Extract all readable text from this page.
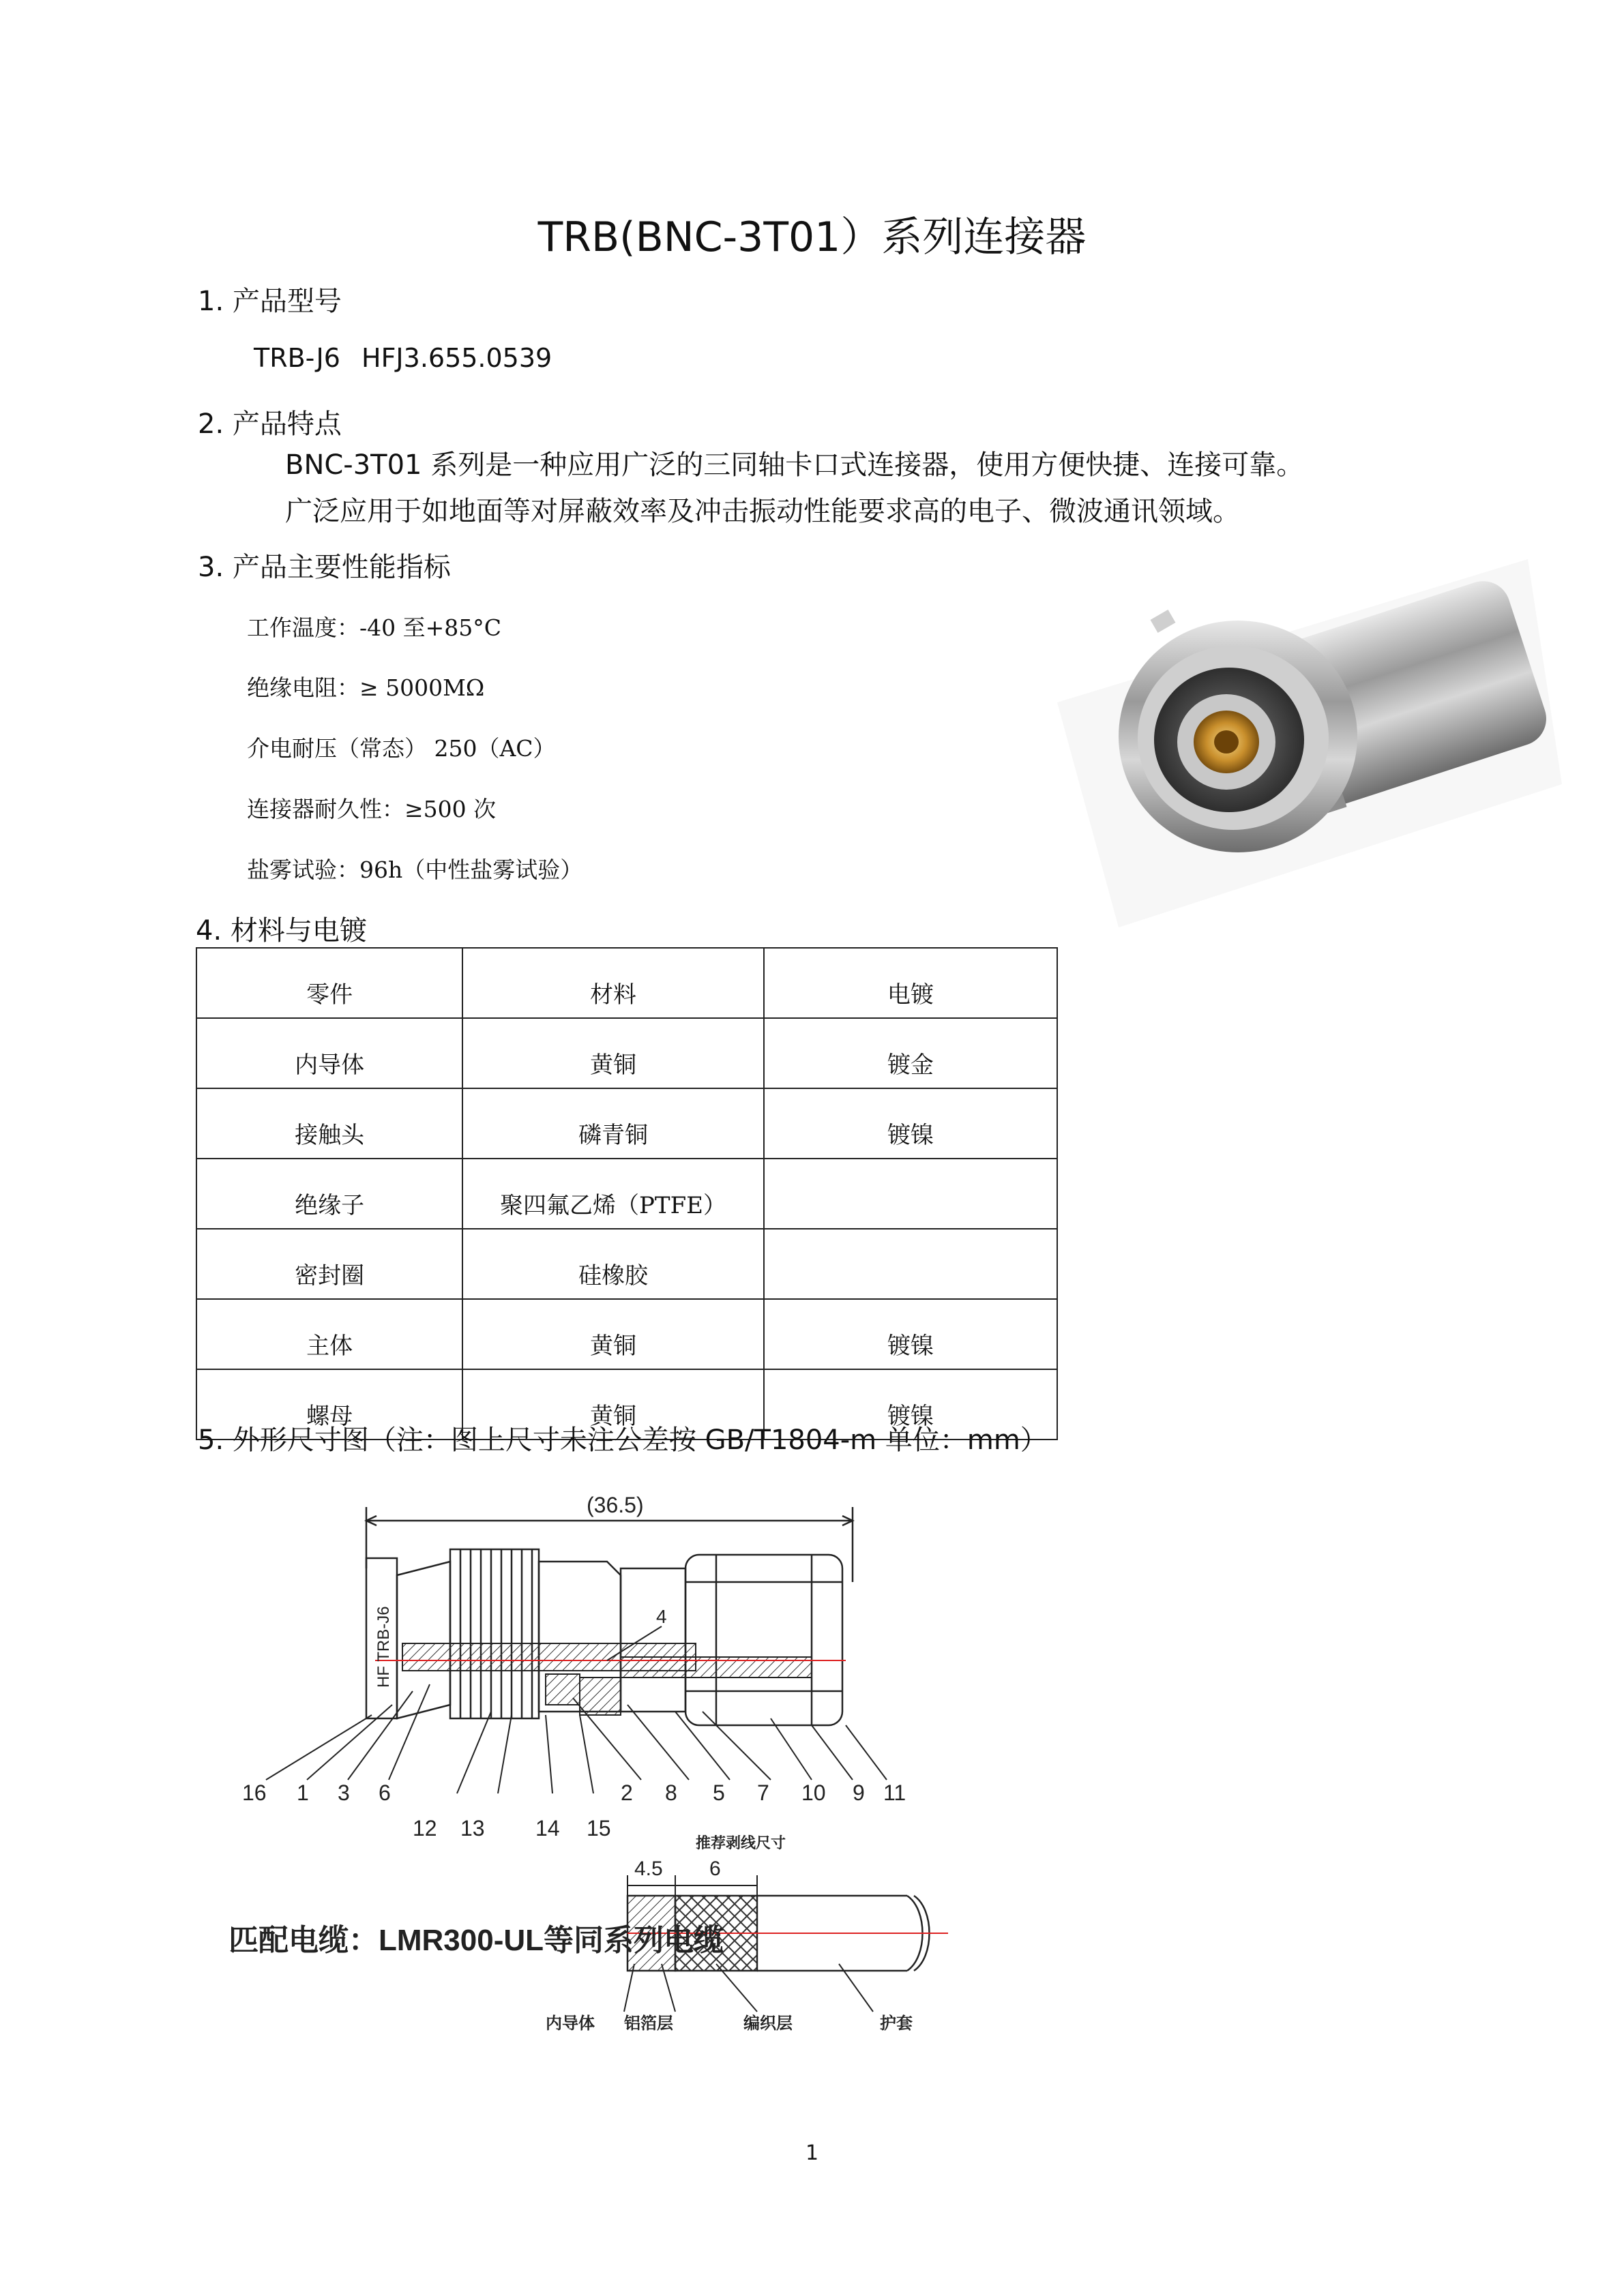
TRB(BNC-3T01）系列连接器
1. 产品型号
TRB-J6 HFJ3.655.0539
2. 产品特点
BNC-3T01 系列是一种应用广泛的三同轴卡口式连接器，使用方便快捷、连接可靠。
广泛应用于如地面等对屏蔽效率及冲击振动性能要求高的电子、微波通讯领域。
3. 产品主要性能指标
工作温度：-40 至+85°C
绝缘电阻：≥ 5000MΩ
介电耐压（常态） 250（AC）
连接器耐久性：≥500 次
盐雾试验：96h（中性盐雾试验）
4. 材料与电镀
零件	材料	电镀
内导体	黄铜	镀金
接触头	磷青铜	镀镍
绝缘子	聚四氟乙烯（PTFE）	
密封圈	硅橡胶	
主体	黄铜	镀镍
螺母	黄铜	镀镍
5. 外形尺寸图（注：图上尺寸未注公差按 GB/T1804-m 单位：mm）
(36.5)
HF TRB-J6	4
16 1 3 6	2 8 5 7 10 9 11
12 13 14 15
推荐剥线尺寸
4.5 6
匹配电缆：LMR300-UL等同系列电缆
内导体 铝箔层	编织层	护套
1
